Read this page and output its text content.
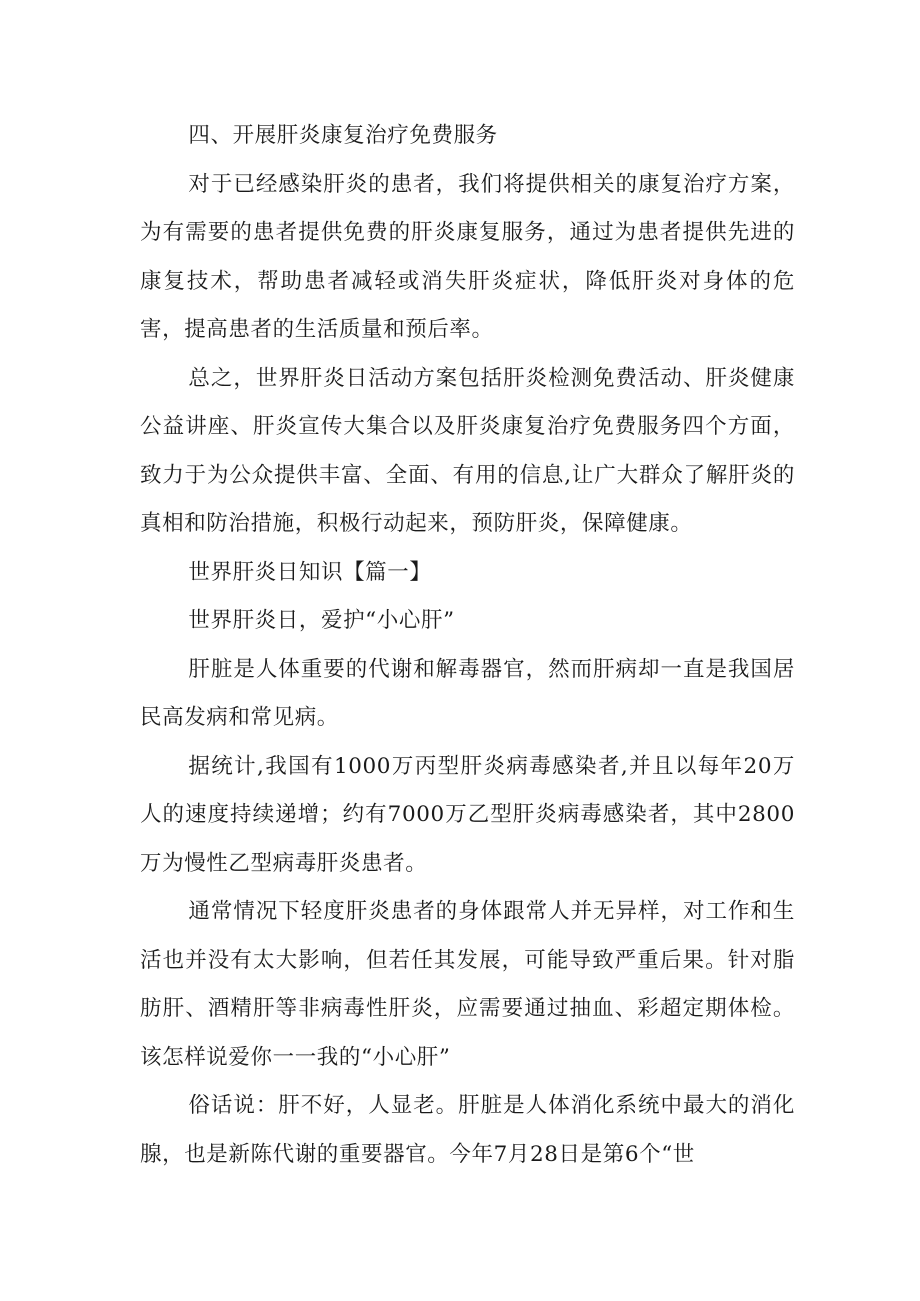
四、开展肝炎康复治疗免费服务

对于已经感染肝炎的患者，我们将提供相关的康复治疗方案，为有需要的患者提供免费的肝炎康复服务，通过为患者提供先进的康复技术，帮助患者减轻或消失肝炎症状，降低肝炎对身体的危害，提高患者的生活质量和预后率。

总之，世界肝炎日活动方案包括肝炎检测免费活动、肝炎健康公益讲座、肝炎宣传大集合以及肝炎康复治疗免费服务四个方面，致力于为公众提供丰富、全面、有用的信息,让广大群众了解肝炎的真相和防治措施，积极行动起来，预防肝炎，保障健康。

世界肝炎日知识【篇一】

世界肝炎日，爱护“小心肝”

肝脏是人体重要的代谢和解毒器官，然而肝病却一直是我国居民高发病和常见病。

据统计,我国有1000万丙型肝炎病毒感染者,并且以每年20万人的速度持续递增；约有7000万乙型肝炎病毒感染者，其中2800万为慢性乙型病毒肝炎患者。

通常情况下轻度肝炎患者的身体跟常人并无异样，对工作和生活也并没有太大影响，但若任其发展，可能导致严重后果。针对脂肪肝、酒精肝等非病毒性肝炎，应需要通过抽血、彩超定期体检。该怎样说爱你一一我的“小心肝”

俗话说：肝不好，人显老。肝脏是人体消化系统中最大的消化腺，也是新陈代谢的重要器官。今年7月28日是第6个“世
